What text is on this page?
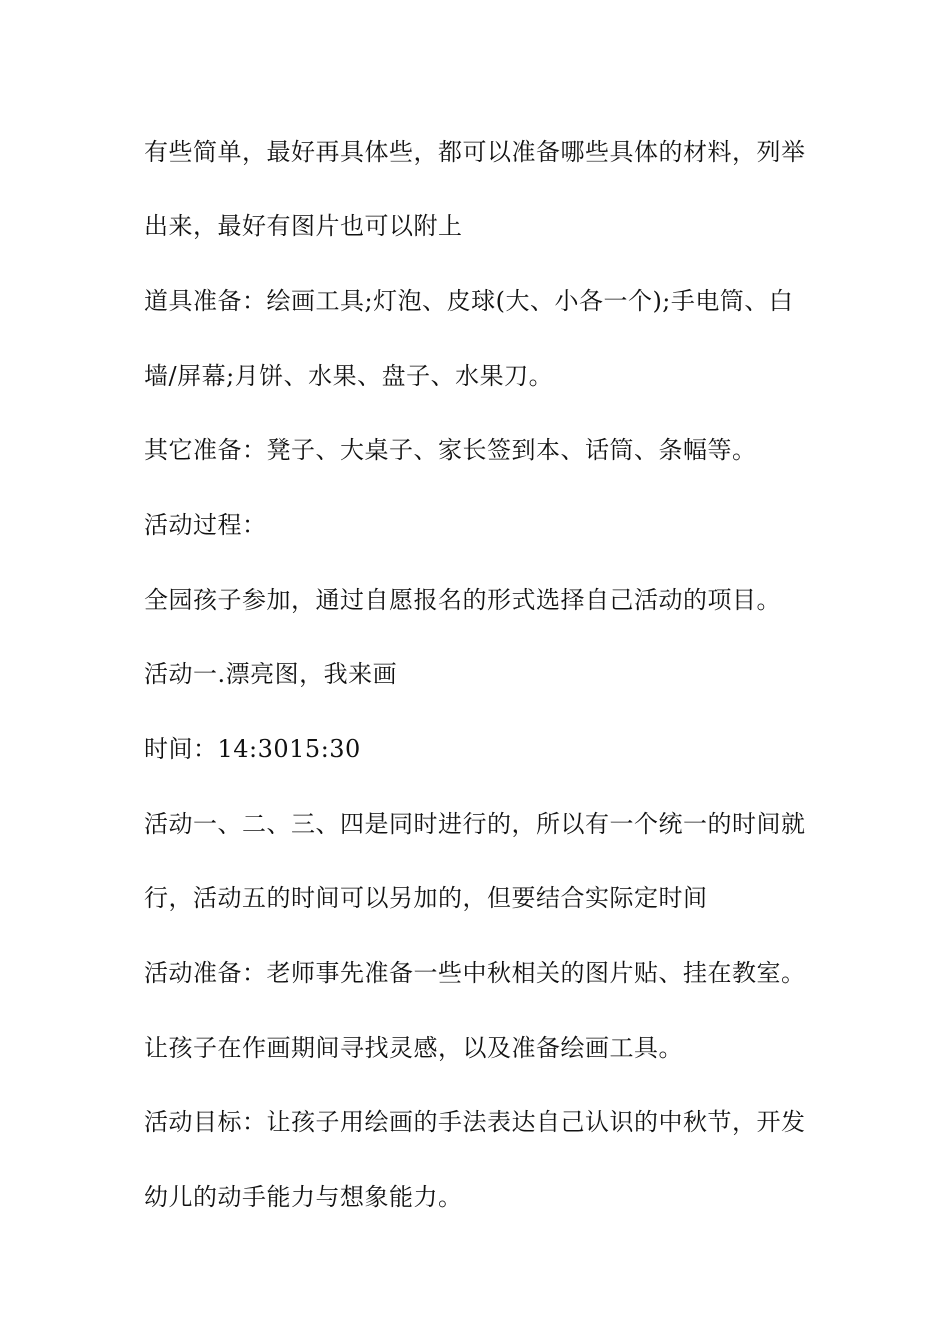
有些简单，最好再具体些，都可以准备哪些具体的材料，列举
出来，最好有图片也可以附上
道具准备：绘画工具;灯泡、皮球(大、小各一个);手电筒、白
墙/屏幕;月饼、水果、盘子、水果刀。
其它准备：凳子、大桌子、家长签到本、话筒、条幅等。
活动过程：
全园孩子参加，通过自愿报名的形式选择自己活动的项目。
活动一.漂亮图，我来画
时间：14:3015:30
活动一、二、三、四是同时进行的，所以有一个统一的时间就
行，活动五的时间可以另加的，但要结合实际定时间
活动准备：老师事先准备一些中秋相关的图片贴、挂在教室。
让孩子在作画期间寻找灵感，以及准备绘画工具。
活动目标：让孩子用绘画的手法表达自己认识的中秋节，开发
幼儿的动手能力与想象能力。
